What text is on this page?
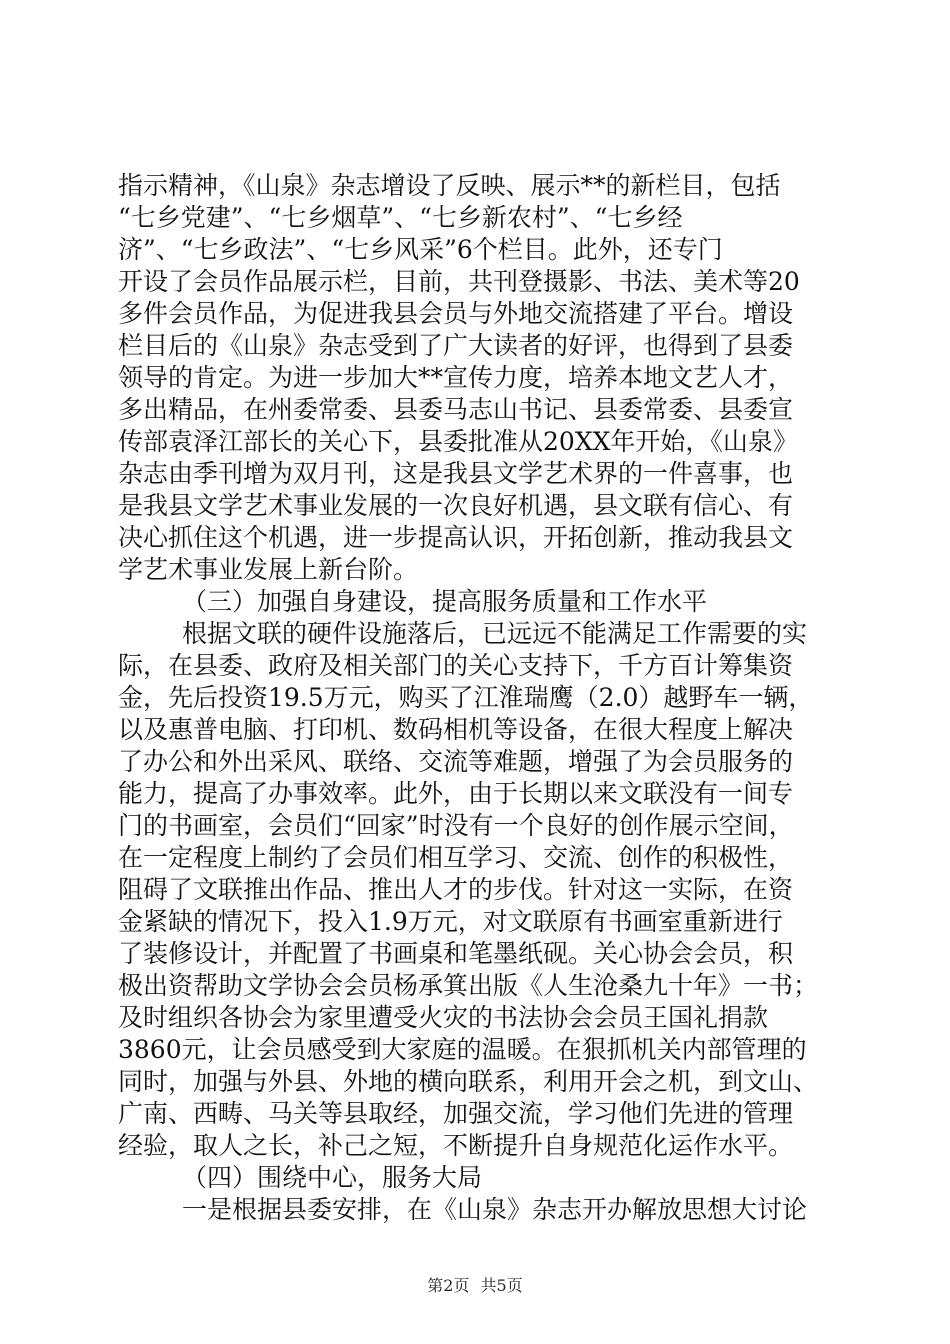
指示精神，《山泉》杂志增设了反映、展示**的新栏目，包括
“七乡党建”、“七乡烟草”、“七乡新农村”、“七乡经
济”、“七乡政法”、“七乡风采”6个栏目。此外，还专门
开设了会员作品展示栏，目前，共刊登摄影、书法、美术等20
多件会员作品，为促进我县会员与外地交流搭建了平台。增设
栏目后的《山泉》杂志受到了广大读者的好评，也得到了县委
领导的肯定。为进一步加大**宣传力度，培养本地文艺人才，
多出精品，在州委常委、县委马志山书记、县委常委、县委宣
传部袁泽江部长的关心下，县委批准从20XX年开始，《山泉》
杂志由季刊增为双月刊，这是我县文学艺术界的一件喜事，也
是我县文学艺术事业发展的一次良好机遇，县文联有信心、有
决心抓住这个机遇，进一步提高认识，开拓创新，推动我县文
学艺术事业发展上新台阶。
（三）加强自身建设，提高服务质量和工作水平
根据文联的硬件设施落后，已远远不能满足工作需要的实
际，在县委、政府及相关部门的关心支持下，千方百计筹集资
金，先后投资19.5万元，购买了江淮瑞鹰（2.0）越野车一辆，
以及惠普电脑、打印机、数码相机等设备，在很大程度上解决
了办公和外出采风、联络、交流等难题，增强了为会员服务的
能力，提高了办事效率。此外，由于长期以来文联没有一间专
门的书画室，会员们“回家”时没有一个良好的创作展示空间，
在一定程度上制约了会员们相互学习、交流、创作的积极性，
阻碍了文联推出作品、推出人才的步伐。针对这一实际，在资
金紧缺的情况下，投入1.9万元，对文联原有书画室重新进行
了装修设计，并配置了书画桌和笔墨纸砚。关心协会会员，积
极出资帮助文学协会会员杨承箕出版《人生沧桑九十年》一书；
及时组织各协会为家里遭受火灾的书法协会会员王国礼捐款
3860元，让会员感受到大家庭的温暖。在狠抓机关内部管理的
同时，加强与外县、外地的横向联系，利用开会之机，到文山、
广南、西畴、马关等县取经，加强交流，学习他们先进的管理
经验，取人之长，补己之短，不断提升自身规范化运作水平。
（四）围绕中心，服务大局
一是根据县委安排，在《山泉》杂志开办解放思想大讨论
第2页 共5页
